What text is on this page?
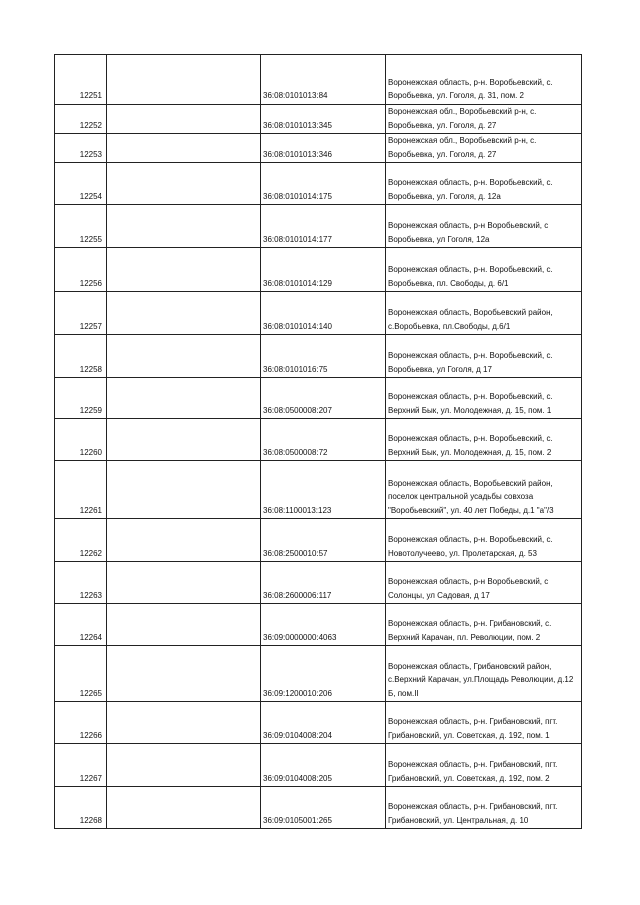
12251		36:08:0101013:84	Воронежская область, р-н. Воробьевский, с. Воробьевка, ул. Гоголя, д. 31, пом. 2
12252		36:08:0101013:345	Воронежская обл., Воробьевский р-н, с. Воробьевка, ул. Гоголя, д. 27
12253		36:08:0101013:346	Воронежская обл., Воробьевский р-н, с. Воробьевка, ул. Гоголя, д. 27
12254		36:08:0101014:175	Воронежская область, р-н. Воробьевский, с. Воробьевка, ул. Гоголя, д. 12а
12255		36:08:0101014:177	Воронежская область, р-н Воробьевский, с Воробьевка, ул Гоголя, 12а
12256		36:08:0101014:129	Воронежская область, р-н. Воробьевский, с. Воробьевка, пл. Свободы, д. 6/1
12257		36:08:0101014:140	Воронежская область, Воробьевский район, с.Воробьевка, пл.Свободы, д.6/1
12258		36:08:0101016:75	Воронежская область, р-н. Воробьевский, с. Воробьевка, ул Гоголя, д 17
12259		36:08:0500008:207	Воронежская область, р-н. Воробьевский, с. Верхний Бык, ул. Молодежная, д. 15, пом. 1
12260		36:08:0500008:72	Воронежская область, р-н. Воробьевский, с. Верхний Бык, ул. Молодежная, д. 15, пом. 2
12261		36:08:1100013:123	Воронежская область, Воробьевский район, поселок центральной усадьбы совхоза "Воробьевский", ул. 40 лет Победы, д.1 "а"/3
12262		36:08:2500010:57	Воронежская область, р-н. Воробьевский, с. Новотолучеево, ул. Пролетарская, д. 53
12263		36:08:2600006:117	Воронежская область, р-н Воробьевский, с Солонцы, ул Садовая, д 17
12264		36:09:0000000:4063	Воронежская область, р-н. Грибановский, с. Верхний Карачан, пл. Революции, пом. 2
12265		36:09:1200010:206	Воронежская область, Грибановский район, с.Верхний Карачан, ул.Площадь Революции, д.12 Б, пом.II
12266		36:09:0104008:204	Воронежская область, р-н. Грибановский, пгт. Грибановский, ул. Советская, д. 192, пом. 1
12267		36:09:0104008:205	Воронежская область, р-н. Грибановский, пгт. Грибановский, ул. Советская, д. 192, пом. 2
12268		36:09:0105001:265	Воронежская область, р-н. Грибановский, пгт. Грибановский, ул. Центральная, д. 10
